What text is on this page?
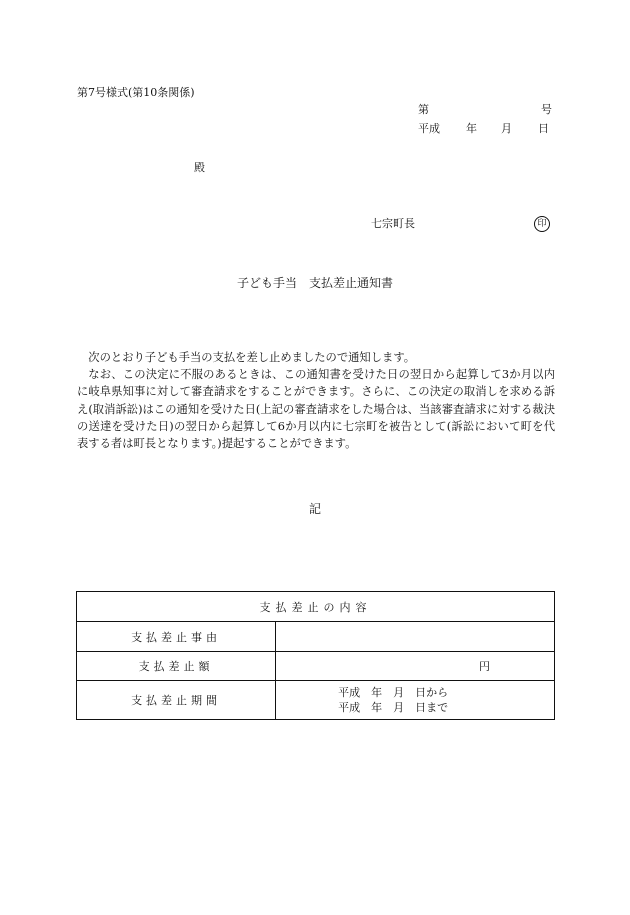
第7号様式(第10条関係)
第	号
平成 年 月 日
殿
七宗町長	印
子ども手当　支払差止通知書

次のとおり子ども手当の支払を差し止めましたので通知します。

なお、この決定に不服のあるときは、この通知書を受けた日の翌日から起算して3か月以内に岐阜県知事に対して審査請求をすることができます。さらに、この決定の取消しを求める訴え(取消訴訟)はこの通知を受けた日(上記の審査請求をした場合は、当該審査請求に対する裁決の送達を受けた日)の翌日から起算して6か月以内に七宗町を被告として(訴訟において町を代表する者は町長となります。)提起することができます。

記
支払差止の内容	
支払差止事由	
支払差止額	円
支払差止期間	平成　年　月　日から
平成　年　月　日まで
